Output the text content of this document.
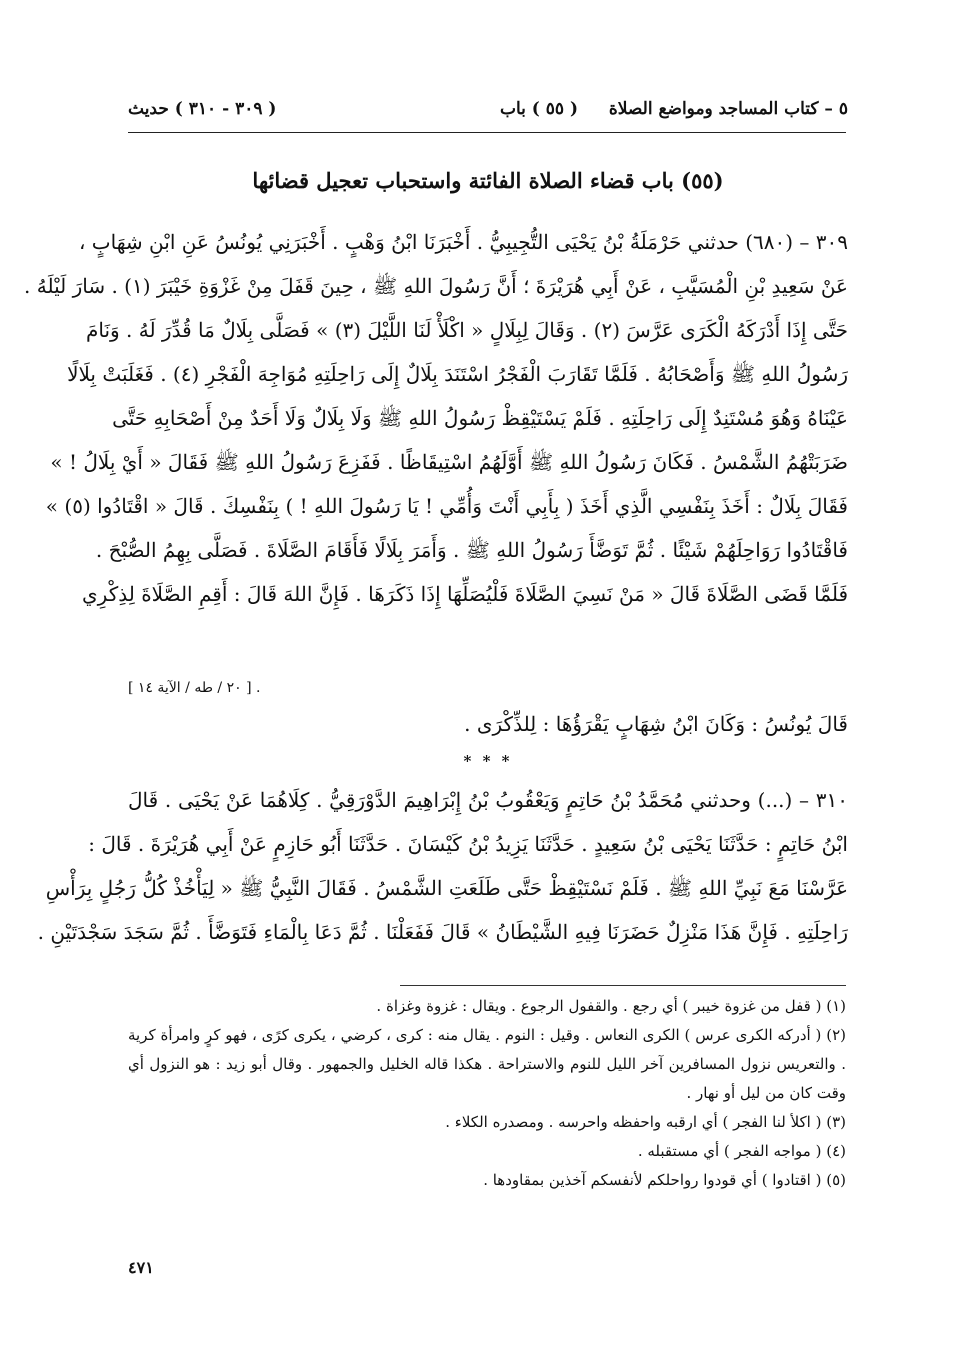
٥ – كتاب المساجد ومواضع الصلاة
( ٥٥ ) باب
( ٣٠٩ - ٣١٠ ) حديث
(٥٥) باب قضاء الصلاة الفائتة واستحباب تعجيل قضائها
٣٠٩ – (٦٨٠) حدثني حَرْمَلَةُ بْنُ يَحْيَى التُّجِيبِيُّ . أَخْبَرَنَا ابْنُ وَهْبٍ . أَخْبَرَنِي يُونُسُ عَنِ ابْنِ شِهَابٍ ،
عَنْ سَعِيدِ بْنِ الْمُسَيَّبِ ، عَنْ أَبِي هُرَيْرَةَ ؛ أَنَّ رَسُولَ اللهِ ﷺ ، حِينَ قَفَلَ مِنْ غَزْوَةِ خَيْبَرَ (١) . سَارَ لَيْلَهُ .
حَتَّى إِذَا أَدْرَكَهُ الْكَرَى عَرَّسَ (٢) . وَقَالَ لِبِلَالٍ « اكْلَأْ لَنَا اللَّيْلَ (٣) » فَصَلَّى بِلَالٌ مَا قُدِّرَ لَهُ . وَنَامَ
رَسُولُ اللهِ ﷺ وَأَصْحَابُهُ . فَلَمَّا تَقَارَبَ الْفَجْرُ اسْتَنَدَ بِلَالٌ إِلَى رَاحِلَتِهِ مُوَاجِهَ الْفَجْرِ (٤) . فَغَلَبَتْ بِلَالًا
عَيْنَاهُ وَهُوَ مُسْتَنِدٌ إِلَى رَاحِلَتِهِ . فَلَمْ يَسْتَيْقِظْ رَسُولُ اللهِ ﷺ وَلَا بِلَالٌ وَلَا أَحَدٌ مِنْ أَصْحَابِهِ حَتَّى
ضَرَبَتْهُمُ الشَّمْسُ . فَكَانَ رَسُولُ اللهِ ﷺ أَوَّلَهُمُ اسْتِيقَاظًا . فَفَزِعَ رَسُولُ اللهِ ﷺ فَقَالَ « أَيْ بِلَالُ ! »
فَقَالَ بِلَالٌ : أَخَذَ بِنَفْسِي الَّذِي أَخَذَ ( بِأَبِي أَنْتَ وَأُمِّي ! يَا رَسُولَ اللهِ ! ) بِنَفْسِكَ . قَالَ « اقْتَادُوا (٥) »
فَاقْتَادُوا رَوَاحِلَهُمْ شَيْئًا . ثُمَّ تَوَضَّأَ رَسُولُ اللهِ ﷺ . وَأَمَرَ بِلَالًا فَأَقَامَ الصَّلَاةَ . فَصَلَّى بِهِمُ الصُّبْحَ .
فَلَمَّا قَضَى الصَّلَاةَ قَالَ « مَنْ نَسِيَ الصَّلَاةَ فَلْيُصَلِّهَا إِذَا ذَكَرَهَا . فَإِنَّ اللهَ قَالَ : أَقِمِ الصَّلَاةَ لِذِكْرِي
[ ٢٠ / طه / الآية ١٤ ] .
قَالَ يُونُسُ : وَكَانَ ابْنُ شِهَابٍ يَقْرَؤُهَا : لِلذِّكْرَى .
* * *
٣١٠ – (...) وحدثني مُحَمَّدُ بْنُ حَاتِمٍ وَيَعْقُوبُ بْنُ إِبْرَاهِيمَ الدَّوْرَقِيُّ . كِلَاهُمَا عَنْ يَحْيَى . قَالَ
ابْنُ حَاتِمٍ : حَدَّثَنَا يَحْيَى بْنُ سَعِيدٍ . حَدَّثَنَا يَزِيدُ بْنُ كَيْسَانَ . حَدَّثَنَا أَبُو حَازِمٍ عَنْ أَبِي هُرَيْرَةَ . قَالَ :
عَرَّسْنَا مَعَ نَبِيِّ اللهِ ﷺ . فَلَمْ نَسْتَيْقِظْ حَتَّى طَلَعَتِ الشَّمْسُ . فَقَالَ النَّبِيُّ ﷺ « لِيَأْخُذْ كُلُّ رَجُلٍ بِرَأْسِ
رَاحِلَتِهِ . فَإِنَّ هَذَا مَنْزِلٌ حَضَرَنَا فِيهِ الشَّيْطَانُ » قَالَ فَفَعَلْنَا . ثُمَّ دَعَا بِالْمَاءِ فَتَوَضَّأَ . ثُمَّ سَجَدَ سَجْدَتَيْنِ .
(١) ( قفل من غزوة خيبر ) أي رجع . والقفول الرجوع . ويقال : غزوة وغزاة .
(٢) ( أدركه الكرى عرس ) الكرى النعاس . وقيل : النوم . يقال منه : كرى ، كرضي ، يكرى كرًى ، فهو كرٍ وامرأة كرية . والتعريس نزول المسافرين آخر الليل للنوم والاستراحة . هكذا قاله الخليل والجمهور . وقال أبو زيد : هو النزول أي وقت كان من ليل أو نهار .
(٣) ( اكلأ لنا الفجر ) أي ارقبه واحفظه واحرسه . ومصدره الكلاء .
(٤) ( مواجه الفجر ) أي مستقبله .
(٥) ( اقتادوا ) أي قودوا رواحلكم لأنفسكم آخذين بمقاودها .
٤٧١
